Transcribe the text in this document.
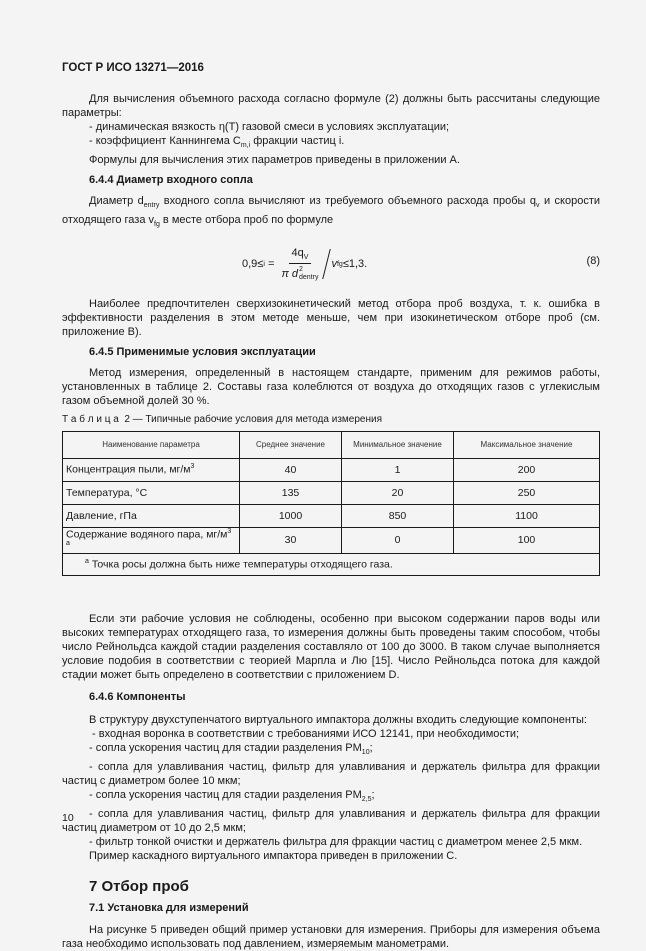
ГОСТ Р ИСО 13271—2016

Для вычисления объемного расхода согласно формуле (2) должны быть рассчитаны следующие параметры:

- динамическая вязкость η(T) газовой смеси в условиях эксплуатации;

- коэффициент Каннингема $C_{m,i}$ фракции частиц i.

Формулы для вычисления этих параметров приведены в приложении А.

6.4.4 Диаметр входного сопла

Диаметр $d_{entry}$ входного сопла вычисляют из требуемого объемного расхода пробы $q_v$ и скорости отходящего газа $v_{fg}$ в месте отбора проб по формуле

$0,9\le i = 4q_V$
π d 2
dentry v fg ≤1,3.	(8)

Наиболее предпочтителен сверхизокинетический метод отбора проб воздуха, т. к. ошибка в эффективности разделения в этом методе меньше, чем при изокинетическом отборе проб (см. приложение В).

6.4.5 Применимые условия эксплуатации

Метод измерения, определенный в настоящем стандарте, применим для режимов работы, установленных в таблице 2. Составы газа колеблются от воздуха до отходящих газов с углекислым газом объемной долей 30 %.

Т а б л и ц а  2 — Типичные рабочие условия для метода измерения
Наименование параметра	Среднее значение	Минимальное значение	Максимальное значение
Концентрация пыли, $мг/м^3$	40	1	200
Температура, °C	135	20	250
Давление, гПа	1000	850	1100
Содержание водяного пара, $мг/м^{3 а}$	30	0	100
$^а$ Точка росы должна быть ниже температуры отходящего газа.			

Если эти рабочие условия не соблюдены, особенно при высоком содержании паров воды или высоких температурах отходящего газа, то измерения должны быть проведены таким способом, чтобы число Рейнольдса каждой стадии разделения составляло от 100 до 3000. В таком случае выполняется условие подобия в соответствии с теорией Марпла и Лю [15]. Число Рейнольдса потока для каждой стадии может быть определено в соответствии с приложением D.

6.4.6 Компоненты

В структуру двухступенчатого виртуального импактора должны входить следующие компоненты:

- входная воронка в соответствии с требованиями ИСО 12141, при необходимости;

- сопла ускорения частиц для стадии разделения $PM_{10}$;

- сопла для улавливания частиц, фильтр для улавливания и держатель фильтра для фракции частиц с диаметром более 10 мкм;

- сопла ускорения частиц для стадии разделения $PM_{2,5}$;

- сопла для улавливания частиц, фильтр для улавливания и держатель фильтра для фракции частиц диаметром от 10 до 2,5 мкм;

- фильтр тонкой очистки и держатель фильтра для фракции частиц с диаметром менее 2,5 мкм.

Пример каскадного виртуального импактора приведен в приложении С.

7 Отбор проб
7.1 Установка для измерений

На рисунке 5 приведен общий пример установки для измерения. Приборы для измерения объема газа необходимо использовать под давлением, измеряемым манометрами.

10
